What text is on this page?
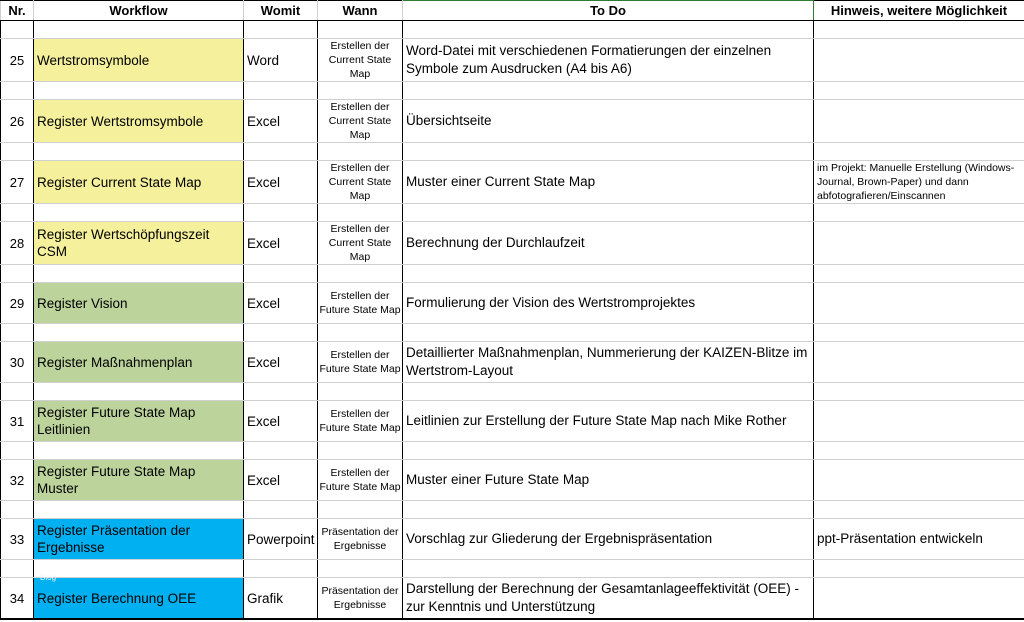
Nr.	Workflow	Womit	Wann	To Do	Hinweis, weitere Möglichkeit

25	Wertstromsymbole	Word	Erstellen der Current State Map	Word-Datei mit verschiedenen Formatierungen der einzelnen Symbole zum Ausdrucken (A4 bis A6)	

26	Register Wertstromsymbole	Excel	Erstellen der Current State Map	Übersichtseite	

27	Register Current State Map	Excel	Erstellen der Current State Map	Muster einer Current State Map	im Projekt: Manuelle Erstellung (Windows-Journal, Brown-Paper) und dann abfotografieren/Einscannen

28	Register Wertschöpfungszeit CSM	Excel	Erstellen der Current State Map	Berechnung der Durchlaufzeit	

29	Register Vision	Excel	Erstellen der Future State Map	Formulierung der Vision des Wertstromprojektes	

30	Register Maßnahmenplan	Excel	Erstellen der Future State Map	Detaillierter Maßnahmenplan, Nummerierung der KAIZEN-Blitze im Wertstrom-Layout	

31	Register Future State Map Leitlinien	Excel	Erstellen der Future State Map	Leitlinien zur Erstellung der Future State Map nach Mike Rother	

32	Register Future State Map Muster	Excel	Erstellen der Future State Map	Muster einer Future State Map	

33	Register Präsentation der Ergebnisse	Powerpoint	Präsentation der Ergebnisse	Vorschlag zur Gliederung der Ergebnispräsentation	ppt-Präsentation entwickeln

34	Register Berechnung OEE	Grafik	Präsentation der Ergebnisse	Darstellung der Berechnung der Gesamtanlageeffektivität (OEE) - zur Kenntnis und Unterstützung	

Blog
